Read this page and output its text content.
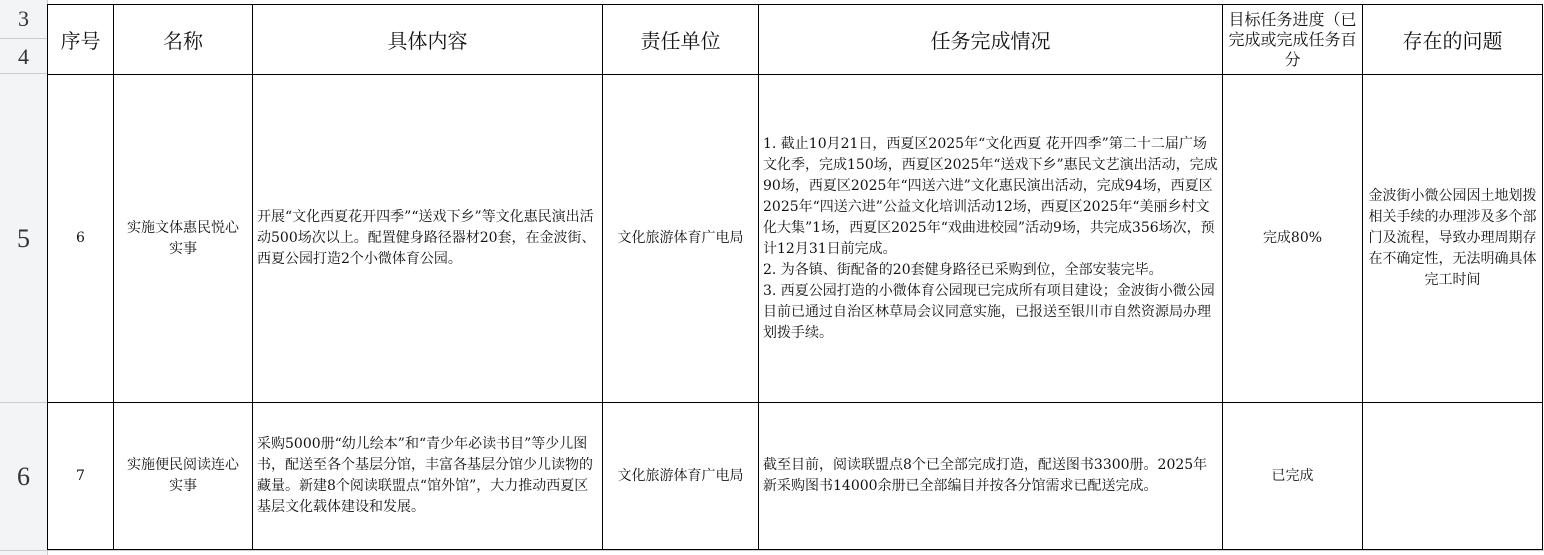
3
4
5
6
序号	名称	具体内容	责任单位	任务完成情况	目标任务进度（已完成或完成任务百分	存在的问题
6	实施文体惠民悦心实事	开展“文化西夏花开四季”“送戏下乡”等文化惠民演出活动500场次以上。配置健身路径器材20套，在金波街、西夏公园打造2个小微体育公园。	文化旅游体育广电局	1. 截止10月21日，西夏区2025年“文化西夏 花开四季”第二十二届广场文化季，完成150场，西夏区2025年“送戏下乡”惠民文艺演出活动，完成90场，西夏区2025年“四送六进”文化惠民演出活动，完成94场，西夏区2025年“四送六进”公益文化培训活动12场，西夏区2025年“美丽乡村文化大集”1场，西夏区2025年“戏曲进校园”活动9场，共完成356场次，预计12月31日前完成。
2. 为各镇、街配备的20套健身路径已采购到位，全部安装完毕。
3. 西夏公园打造的小微体育公园现已完成所有项目建设；金波街小微公园目前已通过自治区林草局会议同意实施，已报送至银川市自然资源局办理划拨手续。	完成80%	金波街小微公园因土地划拨相关手续的办理涉及多个部门及流程，导致办理周期存在不确定性，无法明确具体完工时间
7	实施便民阅读连心实事	采购5000册“幼儿绘本”和“青少年必读书目”等少儿图书，配送至各个基层分馆，丰富各基层分馆少儿读物的藏量。新建8个阅读联盟点“馆外馆”，大力推动西夏区基层文化载体建设和发展。	文化旅游体育广电局	截至目前，阅读联盟点8个已全部完成打造，配送图书3300册。2025年新采购图书14000余册已全部编目并按各分馆需求已配送完成。	已完成	
